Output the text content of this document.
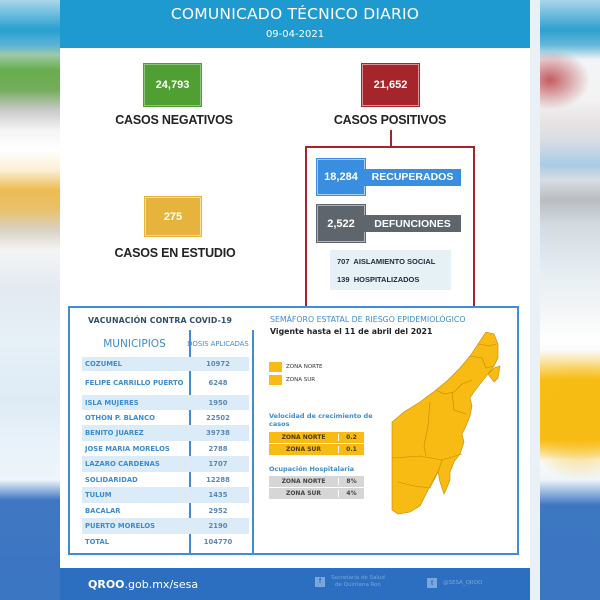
COMUNICADO TÉCNICO DIARIO
09-04-2021
24,793
CASOS NEGATIVOS
21,652
CASOS POSITIVOS
275
CASOS EN ESTUDIO
18,284	RECUPERADOS
2,522	DEFUNCIONES
707 AISLAMIENTO SOCIAL
139 HOSPITALIZADOS
VACUNACIÓN CONTRA COVID-19
MUNICIPIOS	DOSIS APLICADAS
COZUMEL	10972
FELIPE CARRILLO PUERTO	6248
ISLA MUJERES	1950
OTHON P. BLANCO	22502
BENITO JUAREZ	39738
JOSE MARIA MORELOS	2788
LAZARO CARDENAS	1707
SOLIDARIDAD	12288
TULUM	1435
BACALAR	2952
PUERTO MORELOS	2190
TOTAL	104770
SEMÁFORO ESTATAL DE RIESGO EPIDEMIOLÓGICO
Vigente hasta el 11 de abril del 2021
ZONA NORTE
ZONA SUR
Velocidad de crecimiento de casos
ZONA NORTE	0.2
ZONA SUR	0.1
Ocupación Hospitalaria
ZONA NORTE	8%
ZONA SUR	4%
QROO.gob.mx/sesa	f	Secretaría de Salud
de Quintana Roo	t	@SESA_QROO
